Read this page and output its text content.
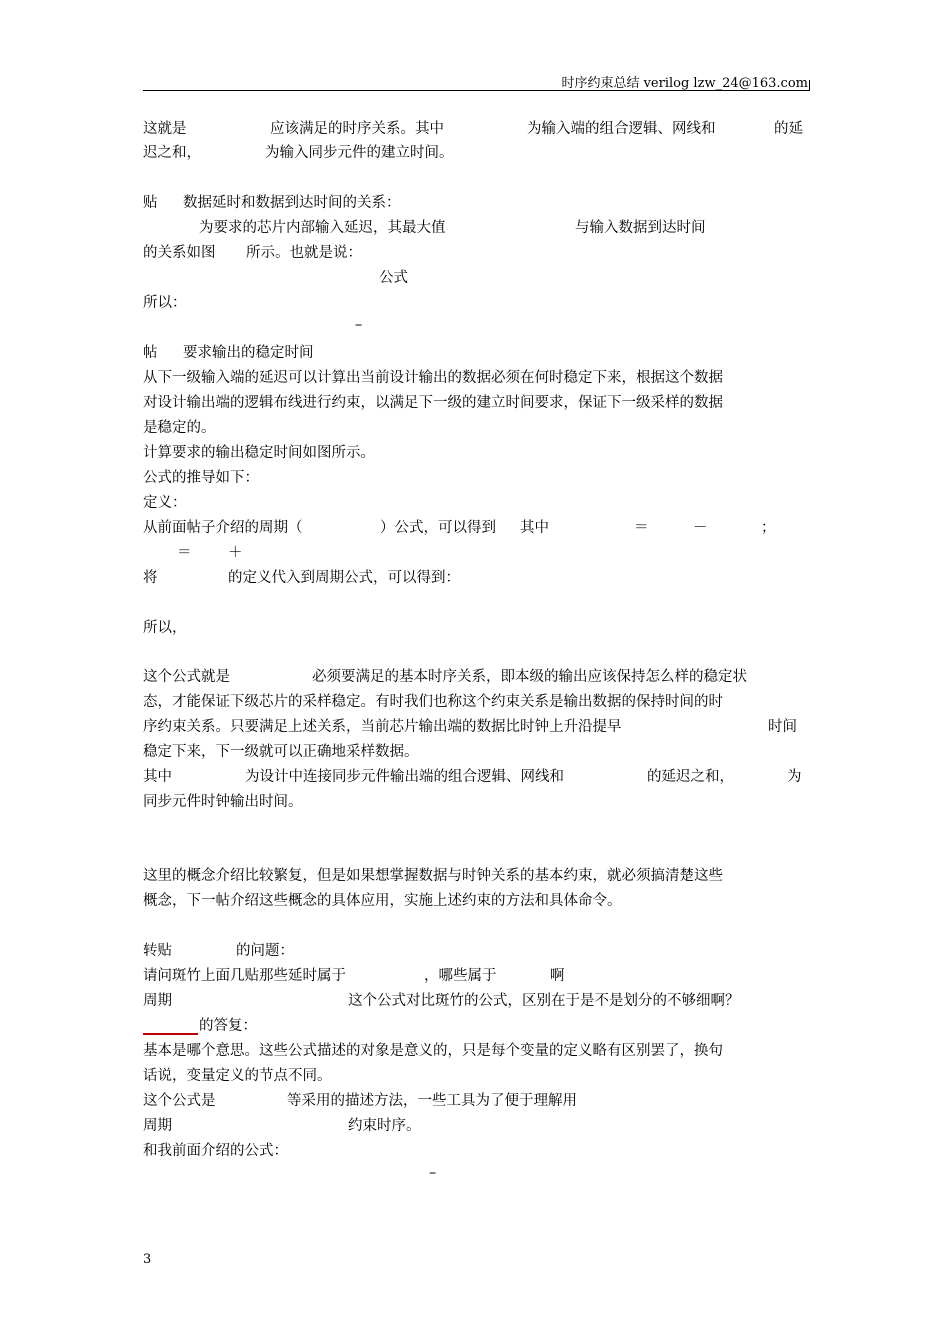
时序约束总结 verilog lzw_24@163.com
这就是	应该满足的时序关系。其中	为输入端的组合逻辑、网线和	的延
迟之和，	为输入同步元件的建立时间。
贴 数据延时和数据到达时间的关系：
为要求的芯片内部输入延迟，其最大值	与输入数据到达时间
的关系如图 所示。也就是说：
公式
所以：
–
帖 要求输出的稳定时间
从下一级输入端的延迟可以计算出当前设计输出的数据必须在何时稳定下来，根据这个数据
对设计输出端的逻辑布线进行约束，以满足下一级的建立时间要求，保证下一级采样的数据
是稳定的。
计算要求的输出稳定时间如图所示。
公式的推导如下：
定义：
从前面帖子介绍的周期（	）公式，可以得到 其中	＝	－	；
＝	＋
将	的定义代入到周期公式，可以得到：
所以，
这个公式就是	必须要满足的基本时序关系，即本级的输出应该保持怎么样的稳定状
态，才能保证下级芯片的采样稳定。有时我们也称这个约束关系是输出数据的保持时间的时
序约束关系。只要满足上述关系，当前芯片输出端的数据比时钟上升沿提早	时间
稳定下来，下一级就可以正确地采样数据。
其中	为设计中连接同步元件输出端的组合逻辑、网线和	的延迟之和，	为
同步元件时钟输出时间。
这里的概念介绍比较繁复，但是如果想掌握数据与时钟关系的基本约束，就必须搞清楚这些
概念，下一帖介绍这些概念的具体应用，实施上述约束的方法和具体命令。
转贴	的问题：
请问斑竹上面几贴那些延时属于	，哪些属于	啊
周期	这个公式对比斑竹的公式，区别在于是不是划分的不够细啊？
的答复：
基本是哪个意思。这些公式描述的对象是意义的，只是每个变量的定义略有区别罢了，换句
话说，变量定义的节点不同。
这个公式是	等采用的描述方法，一些工具为了便于理解用
周期	约束时序。
和我前面介绍的公式：
–
3
